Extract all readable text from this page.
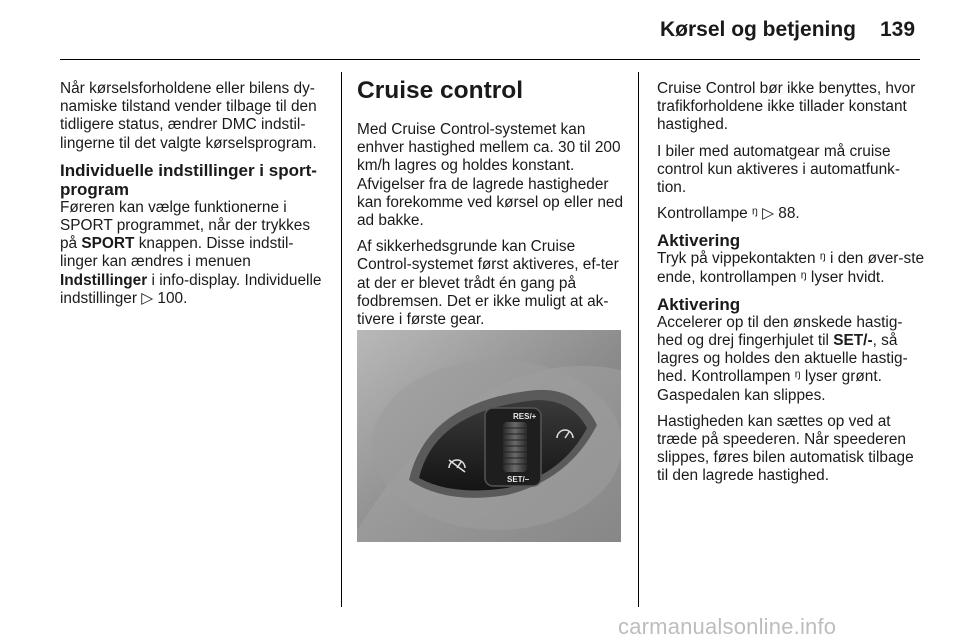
Kørsel og betjening 139

Når kørselsforholdene eller bilens dy-namiske tilstand vender tilbage til den tidligere status, ændrer DMC indstil-lingerne til det valgte kørselsprogram.

Individuelle indstillinger i sport-program

Føreren kan vælge funktionerne i SPORT programmet, når der trykkes på SPORT knappen. Disse indstil-linger kan ændres i menuen Indstillinger i info-display. Individuelle indstillinger ▷ 100.

Cruise control

Med Cruise Control-systemet kan enhver hastighed mellem ca. 30 til 200 km/h lagres og holdes konstant. Afvigelser fra de lagrede hastigheder kan forekomme ved kørsel op eller ned ad bakke.

Af sikkerhedsgrunde kan Cruise Control-systemet først aktiveres, ef-ter at der er blevet trådt én gang på fodbremsen. Det er ikke muligt at ak-tivere i første gear.

RES/+
SET/–

Cruise Control bør ikke benyttes, hvor trafikforholdene ikke tillader konstant hastighed.

I biler med automatgear må cruise control kun aktiveres i automatfunk-tion.

Kontrollampe ᵑ ▷ 88.

Aktivering

Tryk på vippekontakten ᵑ i den øver-ste ende, kontrollampen ᵑ lyser hvidt.

Aktivering

Accelerer op til den ønskede hastig-hed og drej fingerhjulet til SET/-, så lagres og holdes den aktuelle hastig-hed. Kontrollampen ᵑ lyser grønt. Gaspedalen kan slippes.

Hastigheden kan sættes op ved at træde på speederen. Når speederen slippes, føres bilen automatisk tilbage til den lagrede hastighed.

carmanualsonline.info
